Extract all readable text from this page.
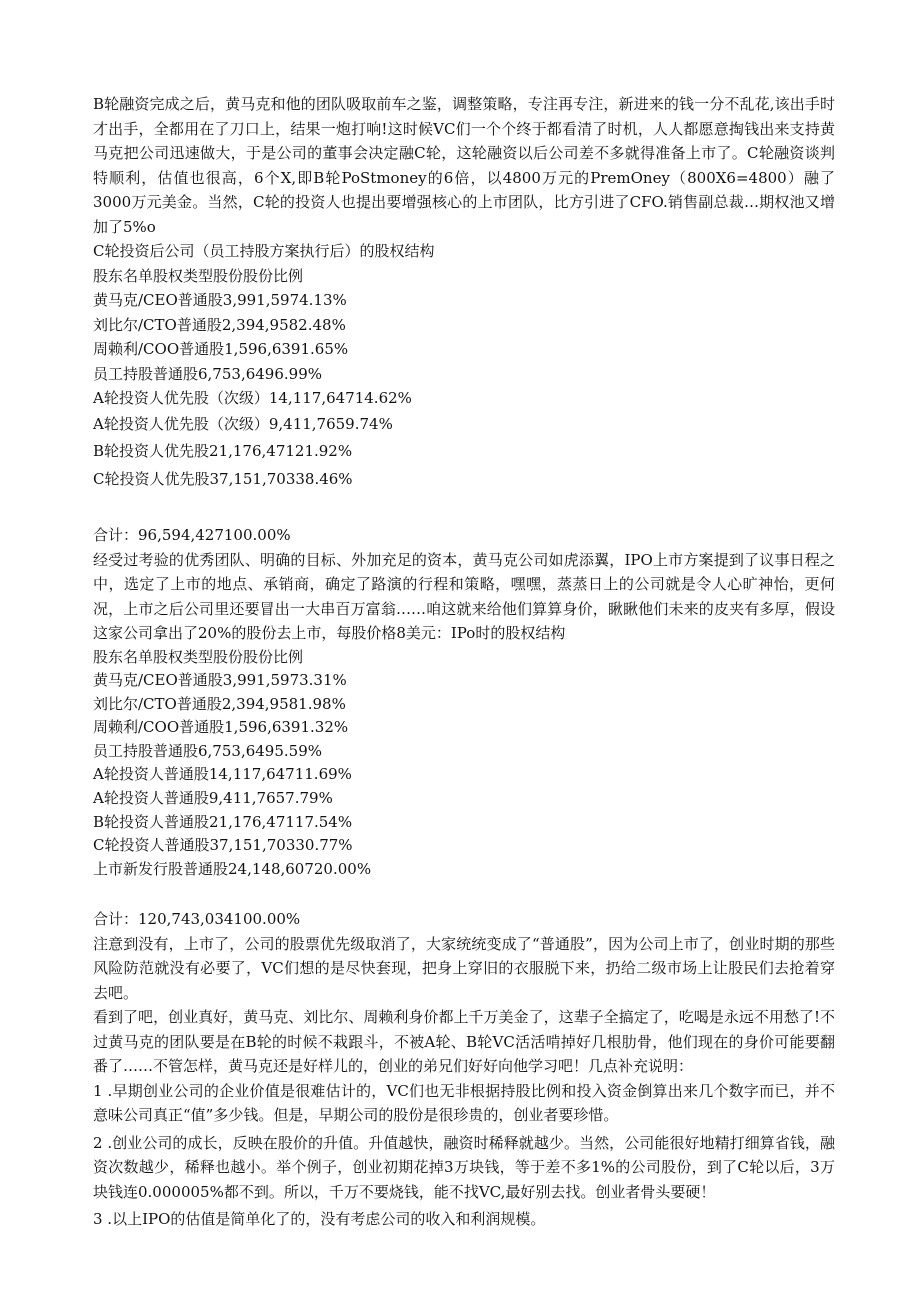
B轮融资完成之后，黄马克和他的团队吸取前车之鉴，调整策略，专注再专注，新进来的钱一分不乱花,该出手时才出手，全都用在了刀口上，结果一炮打响!这时候VC们一个个终于都看清了时机，人人都愿意掏钱出来支持黄马克把公司迅速做大，于是公司的董事会决定融C轮，这轮融资以后公司差不多就得准备上市了。C轮融资谈判特顺利，估值也很高，6个X,即B轮PoStmoney的6倍，以4800万元的PremOney（800X6=4800）融了3000万元美金。当然，C轮的投资人也提出要增强核心的上市团队，比方引进了CFO.销售副总裁…期权池又增加了5%o

C轮投资后公司（员工持股方案执行后）的股权结构
股东名单股权类型股份股份比例
黄马克/CEO普通股3,991,5974.13%
刘比尔/CTO普通股2,394,9582.48%
周赖利/COO普通股1,596,6391.65%
员工持股普通股6,753,6496.99%
A轮投资人优先股（次级）14,117,64714.62%
A轮投资人优先股（次级）9,411,7659.74%
B轮投资人优先股21,176,47121.92%
C轮投资人优先股37,151,70338.46%
合计：96,594,427100.00%

经受过考验的优秀团队、明确的目标、外加充足的资本，黄马克公司如虎添翼，IPO上市方案提到了议事日程之中，选定了上市的地点、承销商，确定了路演的行程和策略，嘿嘿，蒸蒸日上的公司就是令人心旷神怡，更何况，上市之后公司里还要冒出一大串百万富翁……咱这就来给他们算算身价，瞅瞅他们未来的皮夹有多厚，假设这家公司拿出了20%的股份去上市，每股价格8美元：IPo时的股权结构

股东名单股权类型股份股份比例
黄马克/CEO普通股3,991,5973.31%
刘比尔/CTO普通股2,394,9581.98%
周赖利/COO普通股1,596,6391.32%
员工持股普通股6,753,6495.59%
A轮投资人普通股14,117,64711.69%
A轮投资人普通股9,411,7657.79%
B轮投资人普通股21,176,47117.54%
C轮投资人普通股37,151,70330.77%
上市新发行股普通股24,148,60720.00%
合计：120,743,034100.00%

注意到没有，上市了，公司的股票优先级取消了，大家统统变成了“普通股”，因为公司上市了，创业时期的那些风险防范就没有必要了，VC们想的是尽快套现，把身上穿旧的衣服脱下来，扔给二级市场上让股民们去抢着穿去吧。

看到了吧，创业真好，黄马克、刘比尔、周赖利身价都上千万美金了，这辈子全搞定了，吃喝是永远不用愁了!不过黄马克的团队要是在B轮的时候不栽跟斗，不被A轮、B轮VC活活啃掉好几根肋骨，他们现在的身价可能要翻番了……不管怎样，黄马克还是好样儿的，创业的弟兄们好好向他学习吧！几点补充说明：

1 .早期创业公司的企业价值是很难估计的，VC们也无非根据持股比例和投入资金倒算出来几个数字而已，并不意味公司真正“值”多少钱。但是，早期公司的股份是很珍贵的，创业者要珍惜。

2 .创业公司的成长，反映在股价的升值。升值越快，融资时稀释就越少。当然，公司能很好地精打细算省钱，融资次数越少，稀释也越小。举个例子，创业初期花掉3万块钱，等于差不多1%的公司股份，到了C轮以后，3万块钱连0.000005%都不到。所以，千万不要烧钱，能不找VC,最好别去找。创业者骨头要硬！

3 .以上IPO的估值是简单化了的，没有考虑公司的收入和利润规模。
